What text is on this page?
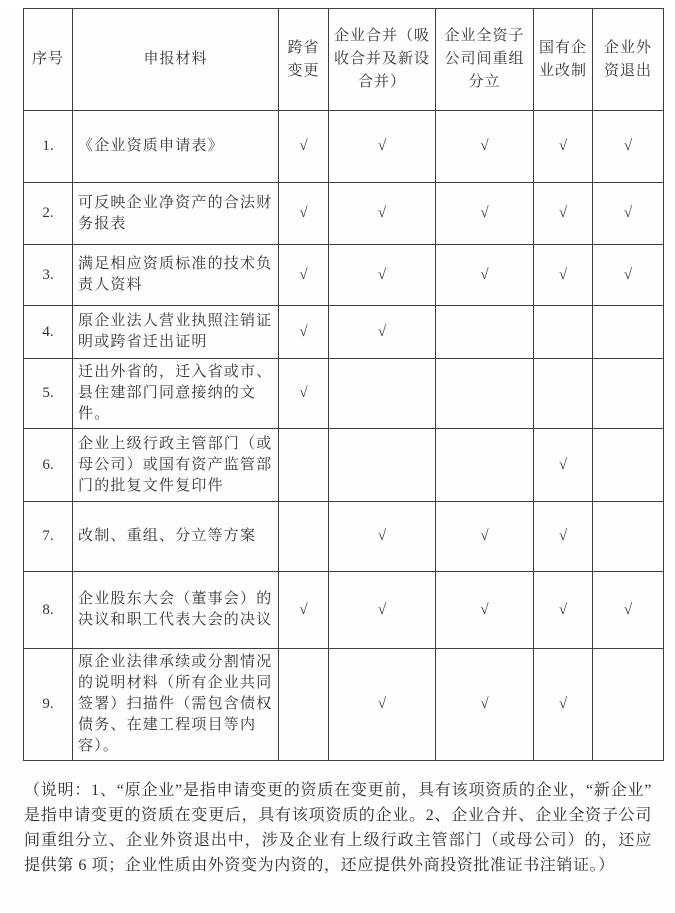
序号	申报材料	跨省变更	企业合并（吸收合并及新设合并）	企业全资子公司间重组分立	国有企业改制	企业外资退出
1.	《企业资质申请表》	√	√	√	√	√
2.	可反映企业净资产的合法财务报表	√	√	√	√	√
3.	满足相应资质标准的技术负责人资料	√	√	√	√	√
4.	原企业法人营业执照注销证明或跨省迁出证明	√	√			
5.	迁出外省的，迁入省或市、县住建部门同意接纳的文件。	√				
6.	企业上级行政主管部门（或母公司）或国有资产监管部门的批复文件复印件				√	
7.	改制、重组、分立等方案		√	√	√	
8.	企业股东大会（董事会）的决议和职工代表大会的决议	√	√	√	√	√
9.	原企业法律承续或分割情况的说明材料（所有企业共同签署）扫描件（需包含债权债务、在建工程项目等内容）。		√	√	√	

（说明：1、“原企业”是指申请变更的资质在变更前，具有该项资质的企业，“新企业”是指申请变更的资质在变更后，具有该项资质的企业。2、企业合并、企业全资子公司间重组分立、企业外资退出中，涉及企业有上级行政主管部门（或母公司）的，还应提供第 6 项；企业性质由外资变为内资的，还应提供外商投资批准证书注销证。）
